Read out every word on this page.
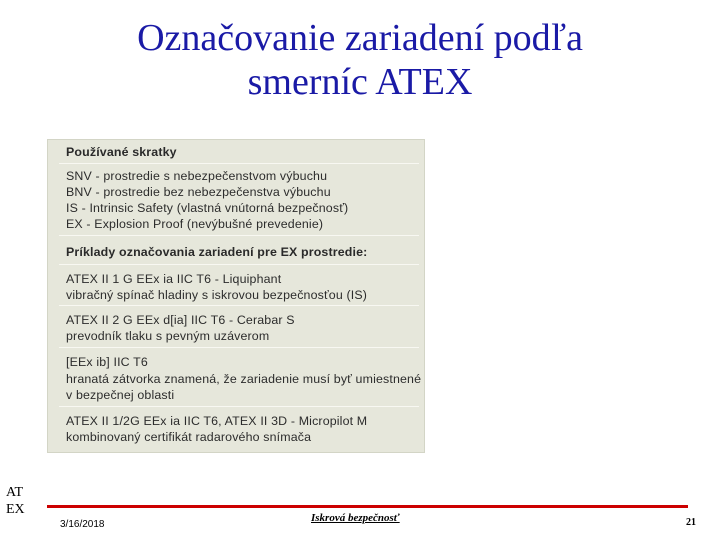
Označovanie zariadení podľa
smerníc ATEX
Používané skratky
SNV - prostredie s nebezpečenstvom výbuchu
BNV - prostredie bez nebezpečenstva výbuchu
IS - Intrinsic Safety (vlastná vnútorná bezpečnosť)
EX - Explosion Proof (nevýbušné prevedenie)
Príklady označovania zariadení pre EX prostredie:
ATEX II 1 G EEx ia IIC T6 - Liquiphant
vibračný spínač hladiny s iskrovou bezpečnosťou (IS)
ATEX II 2 G EEx d[ia] IIC T6 - Cerabar S
prevodník tlaku s pevným uzáverom
[EEx ib] IIC T6
hranatá zátvorka znamená, že zariadenie musí byť umiestnené
v bezpečnej oblasti
ATEX II 1/2G EEx ia IIC T6, ATEX II 3D - Micropilot M
kombinovaný certifikát radarového snímača
AT
EX
3/16/2018
Iskrová bezpečnosť	21
